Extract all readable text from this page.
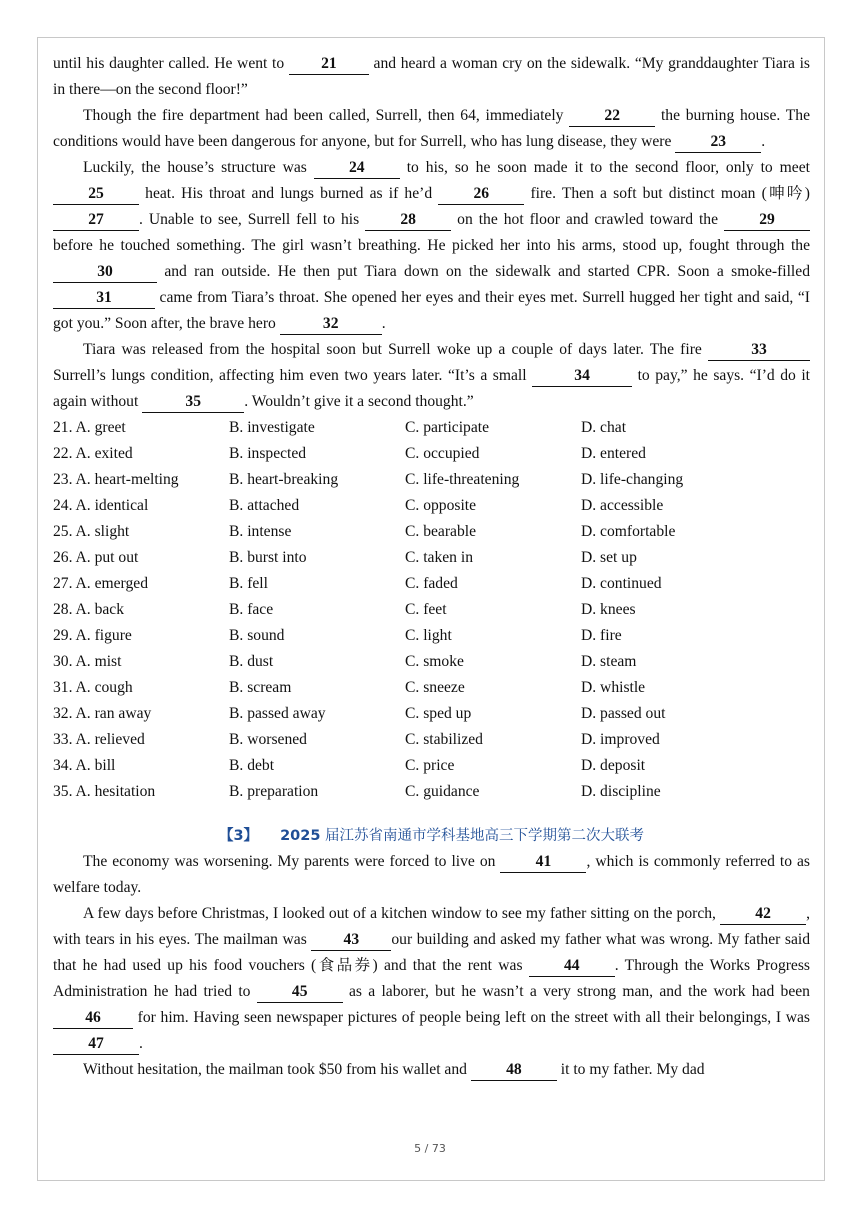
until his daughter called. He went to 21 and heard a woman cry on the sidewalk. “My granddaughter Tiara is in there—on the second floor!”

Though the fire department had been called, Surrell, then 64, immediately 22 the burning house. The conditions would have been dangerous for anyone, but for Surrell, who has lung disease, they were 23 .

Luckily, the house’s structure was 24 to his, so he soon made it to the second floor, only to meet 25 heat. His throat and lungs burned as if he’d 26 fire. Then a soft but distinct moan (呻吟) 27 . Unable to see, Surrell fell to his 28 on the hot floor and crawled toward the 29 before he touched something. The girl wasn’t breathing. He picked her into his arms, stood up, fought through the 30	and ran outside. He then put Tiara down on the sidewalk and started CPR. Soon a smoke-filled 31	came from Tiara’s throat. She opened her eyes and their eyes met. Surrell hugged her tight and said, “I got you.” Soon after, the brave hero	32	.

Tiara was released from the hospital soon but Surrell woke up a couple of days later. The fire	33 Surrell’s lungs condition, affecting him even two years later. “It’s a small	34	to pay,” he says. “I’d do it again without	35	. Wouldn’t give it a second thought.”

21. A. greet	B. investigate	C. participate	D. chat
22. A. exited	B. inspected	C. occupied	D. entered
23. A. heart-melting	B. heart-breaking	C. life-threatening	D. life-changing
24. A. identical	B. attached	C. opposite	D. accessible
25. A. slight	B. intense	C. bearable	D. comfortable
26. A. put out	B. burst into	C. taken in	D. set up
27. A. emerged	B. fell	C. faded	D. continued
28. A. back	B. face	C. feet	D. knees
29. A. figure	B. sound	C. light	D. fire
30. A. mist	B. dust	C. smoke	D. steam
31. A. cough	B. scream	C. sneeze	D. whistle
32. A. ran away	B. passed away	C. sped up	D. passed out
33. A. relieved	B. worsened	C. stabilized	D. improved
34. A. bill	B. debt	C. price	D. deposit
35. A. hesitation	B. preparation	C. guidance	D. discipline
【3】 2025 届江苏省南通市学科基地高三下学期第二次大联考

The economy was worsening. My parents were forced to live on 41 , which is commonly referred to as welfare today.

A few days before Christmas, I looked out of a kitchen window to see my father sitting on the porch, 42 , with tears in his eyes. The mailman was 43 our building and asked my father what was wrong. My father said that he had used up his food vouchers (食品券) and that the rent was 44 . Through the Works Progress Administration he had tried to 45 as a laborer, but he wasn’t a very strong man, and the work had been 46 for him. Having seen newspaper pictures of people being left on the street with all their belongings, I was 47 .

Without hesitation, the mailman took $50 from his wallet and 48 it to my father. My dad

5 / 73
